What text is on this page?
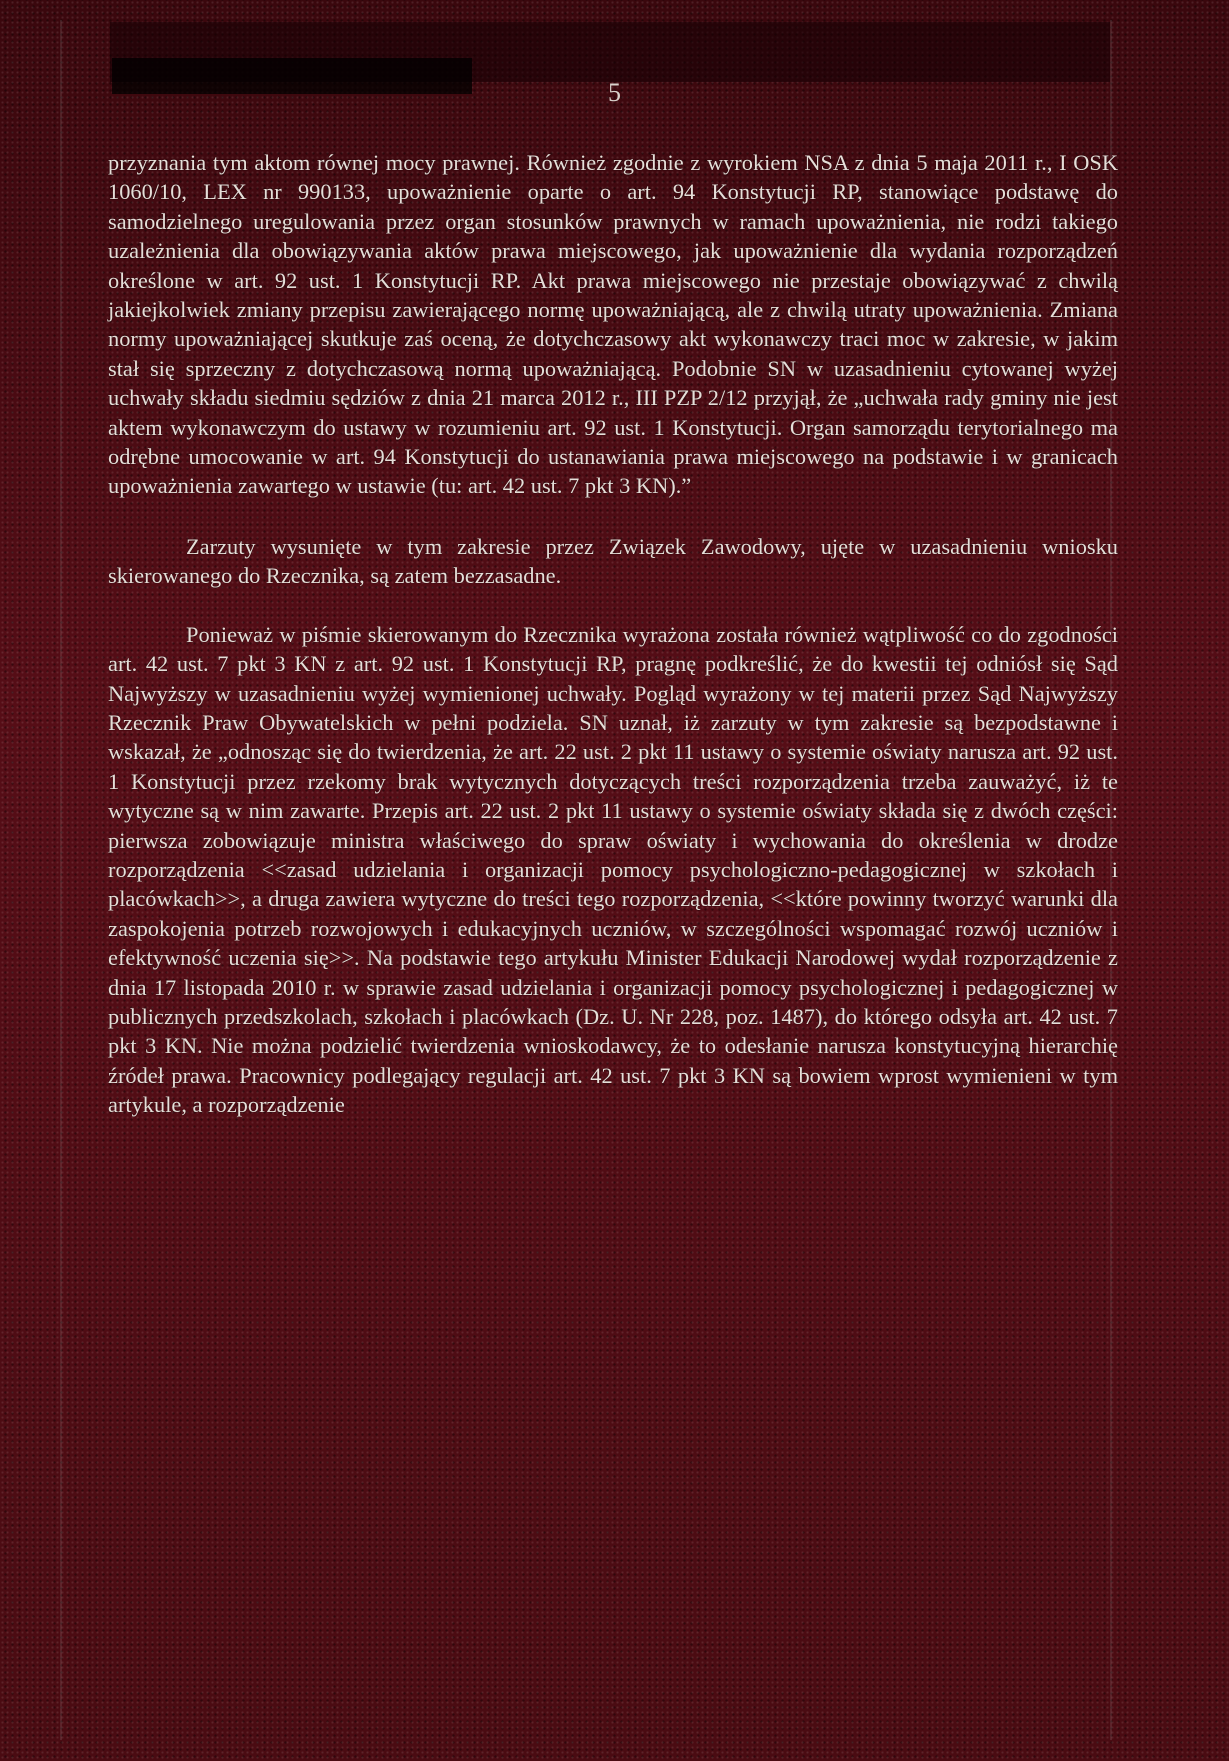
5

przyznania tym aktom równej mocy prawnej. Również zgodnie z wyrokiem NSA z dnia 5 maja 2011 r., I OSK 1060/10, LEX nr 990133, upoważnienie oparte o art. 94 Konstytucji RP, stanowiące podstawę do samodzielnego uregulowania przez organ stosunków prawnych w ramach upoważnienia, nie rodzi takiego uzależnienia dla obowiązywania aktów prawa miejscowego, jak upoważnienie dla wydania rozporządzeń określone w art. 92 ust. 1 Konstytucji RP. Akt prawa miejscowego nie przestaje obowiązywać z chwilą jakiejkolwiek zmiany przepisu zawierającego normę upoważniającą, ale z chwilą utraty upoważnienia. Zmiana normy upoważniającej skutkuje zaś oceną, że dotychczasowy akt wykonawczy traci moc w zakresie, w jakim stał się sprzeczny z dotychczasową normą upoważniającą. Podobnie SN w uzasadnieniu cytowanej wyżej uchwały składu siedmiu sędziów z dnia 21 marca 2012 r., III PZP 2/12 przyjął, że „uchwała rady gminy nie jest aktem wykonawczym do ustawy w rozumieniu art. 92 ust. 1 Konstytucji. Organ samorządu terytorialnego ma odrębne umocowanie w art. 94 Konstytucji do ustanawiania prawa miejscowego na podstawie i w granicach upoważnienia zawartego w ustawie (tu: art. 42 ust. 7 pkt 3 KN).”

Zarzuty wysunięte w tym zakresie przez Związek Zawodowy, ujęte w uzasadnieniu wniosku skierowanego do Rzecznika, są zatem bezzasadne.

Ponieważ w piśmie skierowanym do Rzecznika wyrażona została również wątpliwość co do zgodności art. 42 ust. 7 pkt 3 KN z art. 92 ust. 1 Konstytucji RP, pragnę podkreślić, że do kwestii tej odniósł się Sąd Najwyższy w uzasadnieniu wyżej wymienionej uchwały. Pogląd wyrażony w tej materii przez Sąd Najwyższy Rzecznik Praw Obywatelskich w pełni podziela. SN uznał, iż zarzuty w tym zakresie są bezpodstawne i wskazał, że „odnosząc się do twierdzenia, że art. 22 ust. 2 pkt 11 ustawy o systemie oświaty narusza art. 92 ust. 1 Konstytucji przez rzekomy brak wytycznych dotyczących treści rozporządzenia trzeba zauważyć, iż te wytyczne są w nim zawarte. Przepis art. 22 ust. 2 pkt 11 ustawy o systemie oświaty składa się z dwóch części: pierwsza zobowiązuje ministra właściwego do spraw oświaty i wychowania do określenia w drodze rozporządzenia <<zasad udzielania i organizacji pomocy psychologiczno-pedagogicznej w szkołach i placówkach>>, a druga zawiera wytyczne do treści tego rozporządzenia, <<które powinny tworzyć warunki dla zaspokojenia potrzeb rozwojowych i edukacyjnych uczniów, w szczególności wspomagać rozwój uczniów i efektywność uczenia się>>. Na podstawie tego artykułu Minister Edukacji Narodowej wydał rozporządzenie z dnia 17 listopada 2010 r. w sprawie zasad udzielania i organizacji pomocy psychologicznej i pedagogicznej w publicznych przedszkolach, szkołach i placówkach (Dz. U. Nr 228, poz. 1487), do którego odsyła art. 42 ust. 7 pkt 3 KN. Nie można podzielić twierdzenia wnioskodawcy, że to odesłanie narusza konstytucyjną hierarchię źródeł prawa. Pracownicy podlegający regulacji art. 42 ust. 7 pkt 3 KN są bowiem wprost wymienieni w tym artykule, a rozporządzenie
